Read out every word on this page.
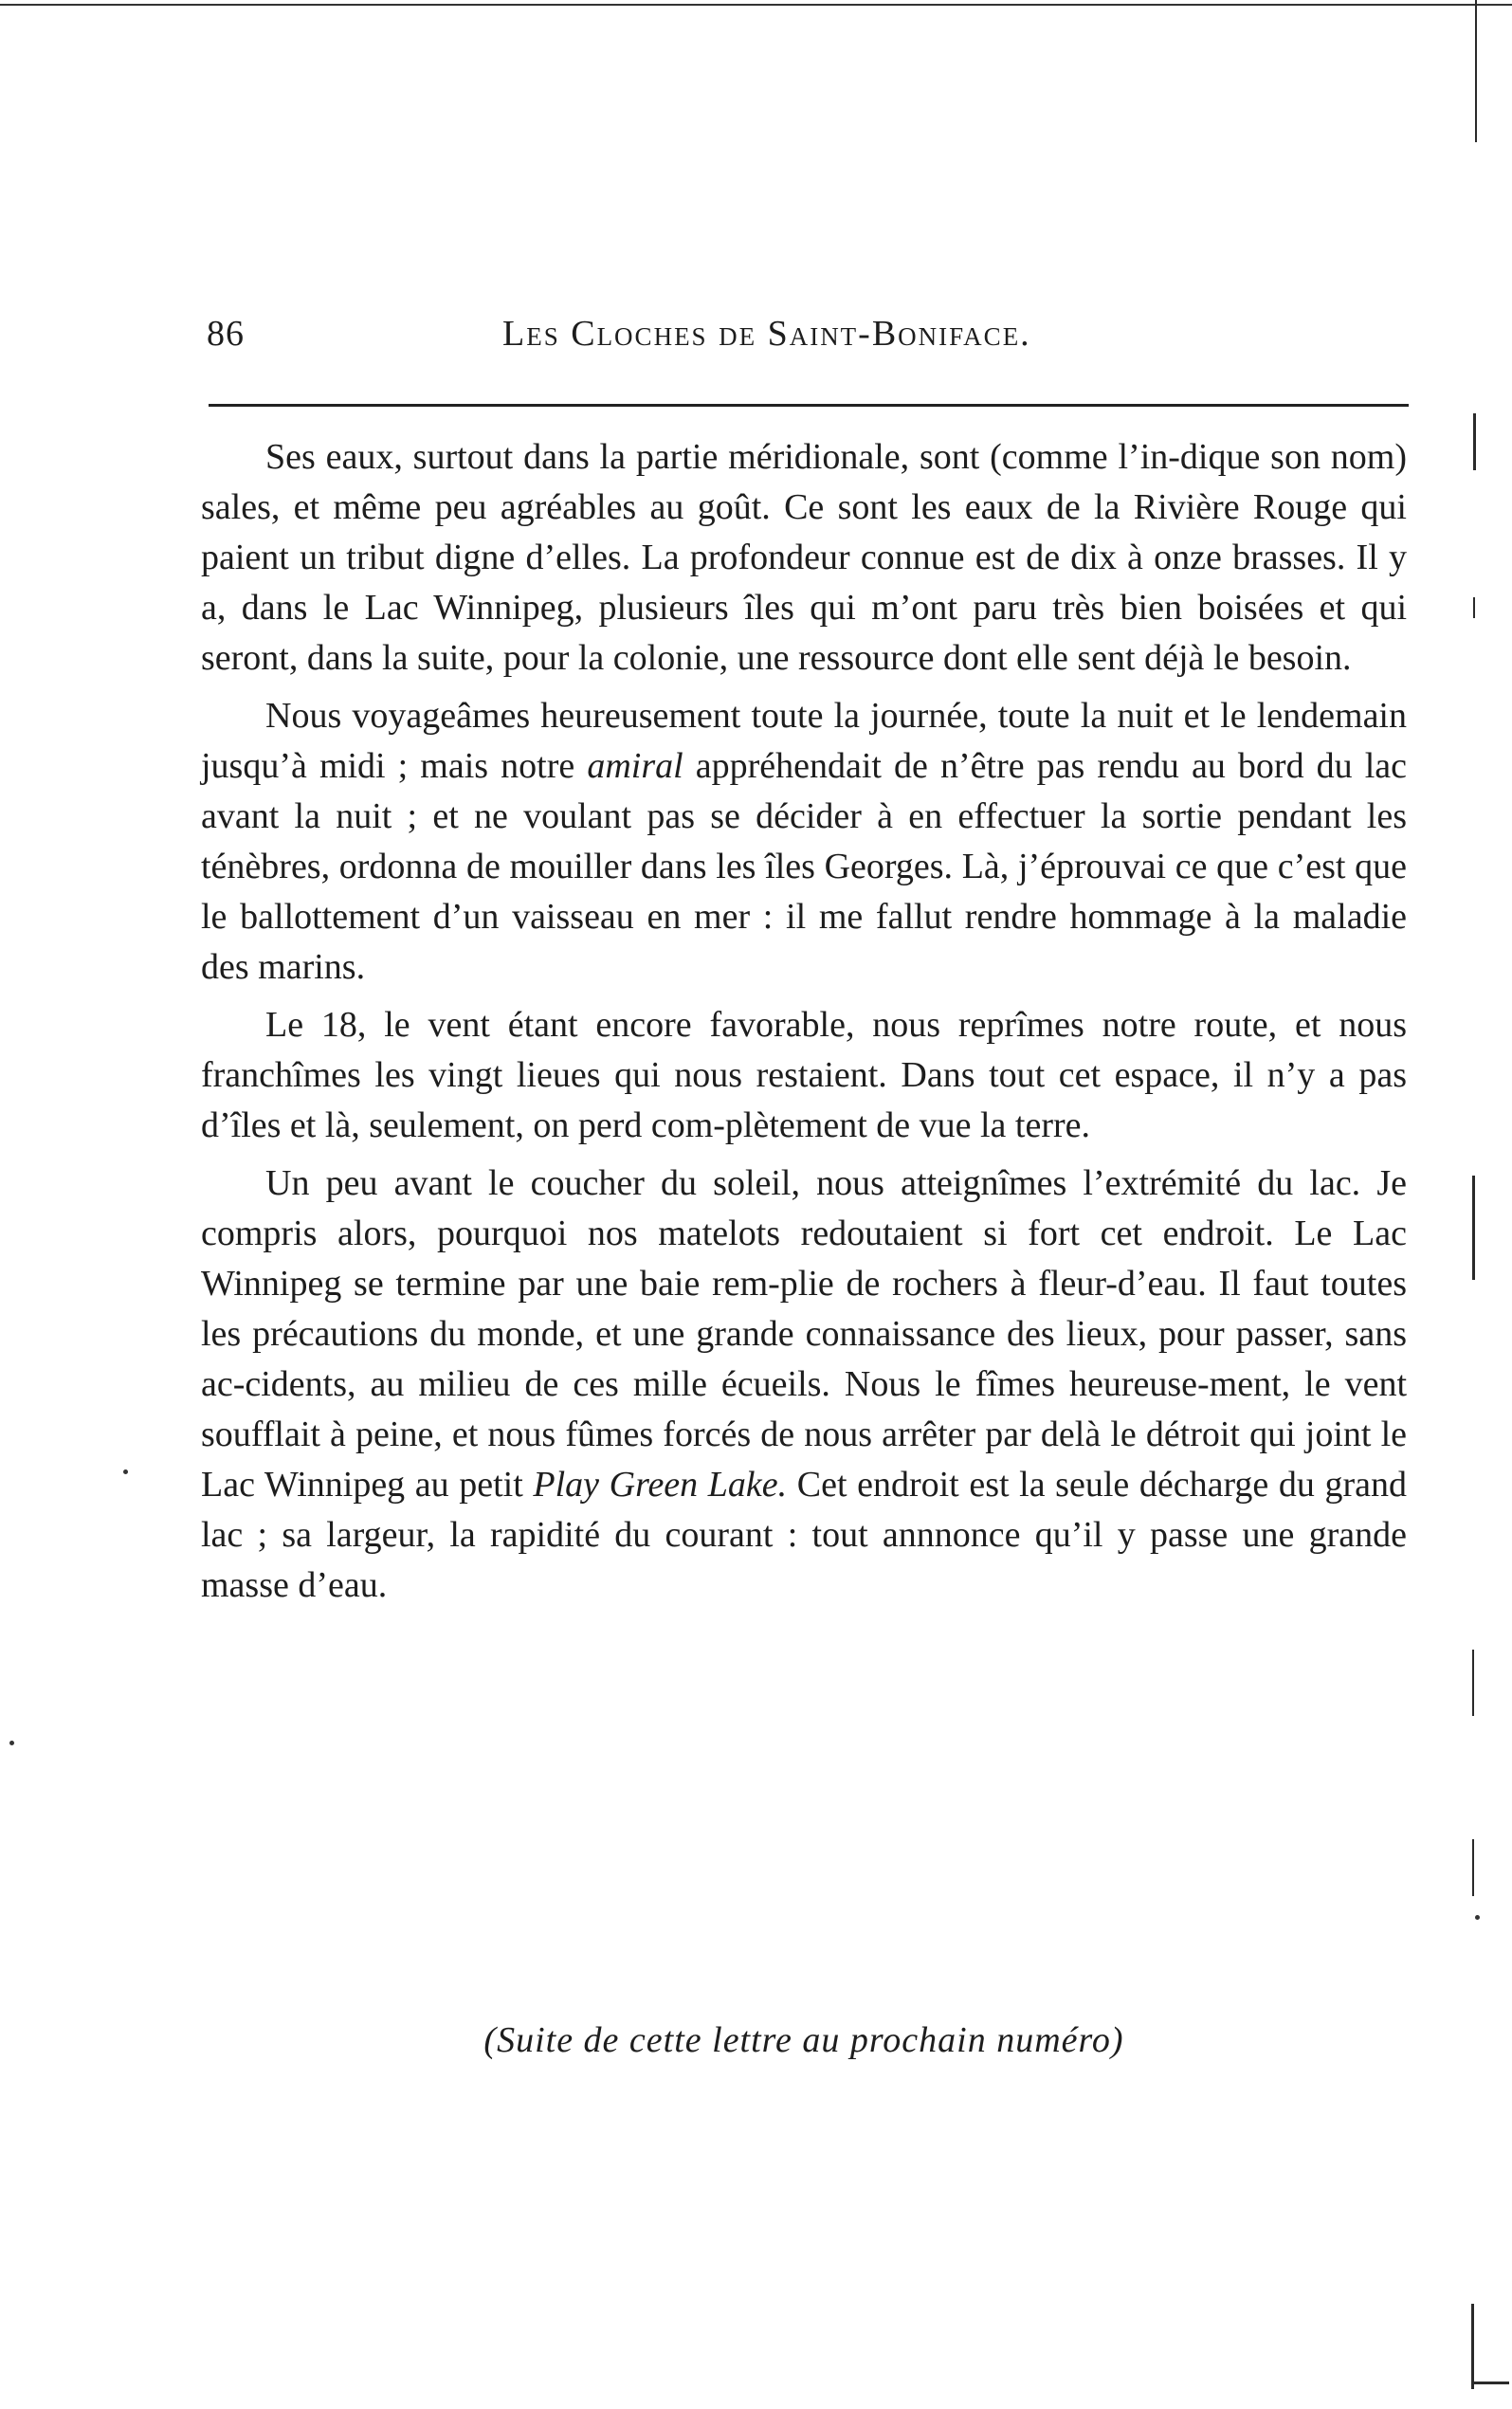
86	Les Cloches de Saint-Boniface.

Ses eaux, surtout dans la partie méridionale, sont (comme l’in-dique son nom) sales, et même peu agréables au goût. Ce sont les eaux de la Rivière Rouge qui paient un tribut digne d’elles. La profondeur connue est de dix à onze brasses. Il y a, dans le Lac Winnipeg, plusieurs îles qui m’ont paru très bien boisées et qui seront, dans la suite, pour la colonie, une ressource dont elle sent déjà le besoin.

Nous voyageâmes heureusement toute la journée, toute la nuit et le lendemain jusqu’à midi ; mais notre amiral appréhendait de n’être pas rendu au bord du lac avant la nuit ; et ne voulant pas se décider à en effectuer la sortie pendant les ténèbres, ordonna de mouiller dans les îles Georges. Là, j’éprouvai ce que c’est que le ballottement d’un vaisseau en mer : il me fallut rendre hommage à la maladie des marins.

Le 18, le vent étant encore favorable, nous reprîmes notre route, et nous franchîmes les vingt lieues qui nous restaient. Dans tout cet espace, il n’y a pas d’îles et là, seulement, on perd com-plètement de vue la terre.

Un peu avant le coucher du soleil, nous atteignîmes l’extrémité du lac. Je compris alors, pourquoi nos matelots redoutaient si fort cet endroit. Le Lac Winnipeg se termine par une baie rem-plie de rochers à fleur-d’eau. Il faut toutes les précautions du monde, et une grande connaissance des lieux, pour passer, sans ac-cidents, au milieu de ces mille écueils. Nous le fîmes heureuse-ment, le vent soufflait à peine, et nous fûmes forcés de nous arrêter par delà le détroit qui joint le Lac Winnipeg au petit Play Green Lake. Cet endroit est la seule décharge du grand lac ; sa largeur, la rapidité du courant : tout annnonce qu’il y passe une grande masse d’eau.

(Suite de cette lettre au prochain numéro)
